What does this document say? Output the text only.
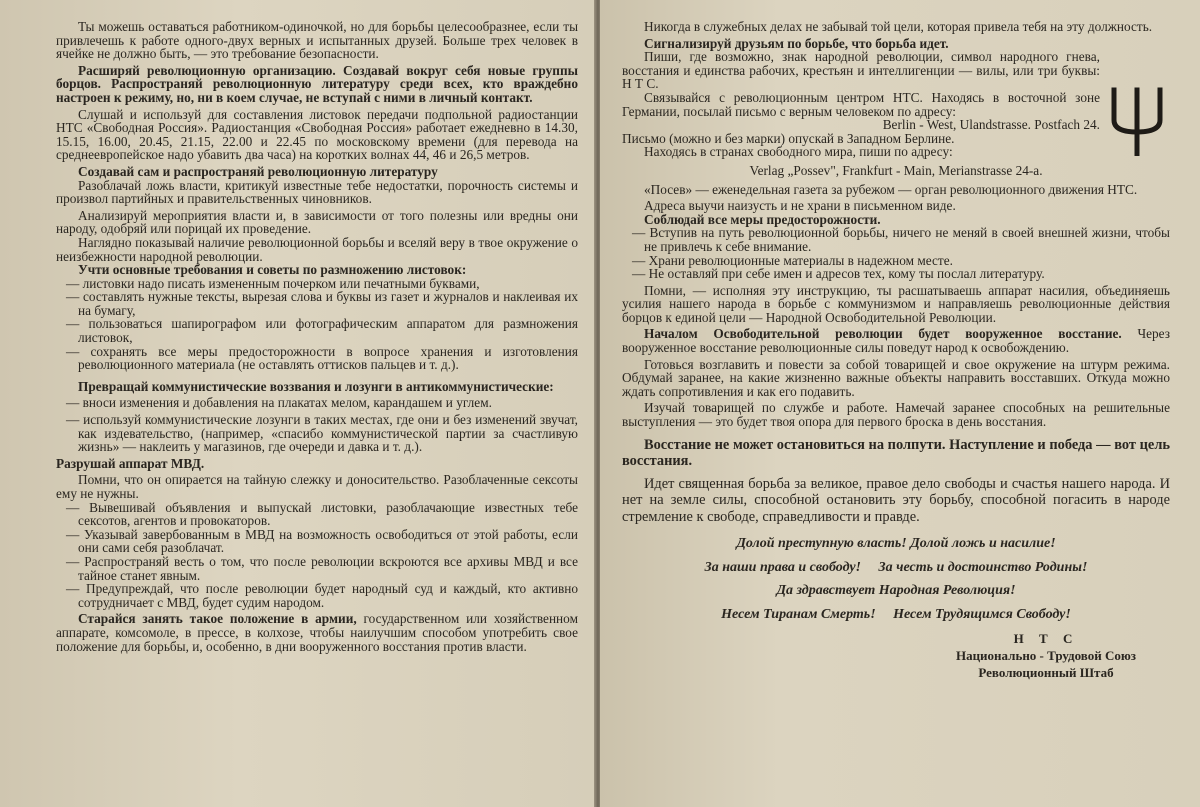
Ты можешь оставаться работником-одиночкой, но для борьбы целесообразнее, если ты привлечешь к работе одного-двух верных и испытанных друзей. Больше трех человек в ячейке не должно быть, — это требование безопасности.

Расширяй революционную организацию. Создавай вокруг себя новые группы борцов. Распространяй революционную литературу среди всех, кто враждебно настроен к режиму, но, ни в коем случае, не вступай с ними в личный контакт.

Слушай и используй для составления листовок передачи подпольной радиостанции НТС «Свободная Россия». Радиостанция «Свободная Россия» работает ежедневно в 14.30, 15.15, 16.00, 20.45, 21.15, 22.00 и 22.45 по московскому времени (для перевода на среднеевропейское надо убавить два часа) на коротких волнах 44, 46 и 26,5 метров.

Создавай сам и распространяй революционную литературу

Разоблачай ложь власти, критикуй известные тебе недостатки, порочность системы и произвол партийных и правительственных чиновников.

Анализируй мероприятия власти и, в зависимости от того полезны или вредны они народу, одобряй или порицай их проведение.

Наглядно показывай наличие революционной борьбы и вселяй веру в твое окружение о неизбежности народной революции.

Учти основные требования и советы по размножению листовок:

— листовки надо писать измененным почерком или печатными буквами,

— составлять нужные тексты, вырезая слова и буквы из газет и журналов и наклеивая их на бумагу,

— пользоваться шапирографом или фотографическим аппаратом для размножения листовок,

— сохранять все меры предосторожности в вопросе хранения и изготовления революционного материала (не оставлять оттисков пальцев и т. д.).

Превращай коммунистические воззвания и лозунги в антикоммунистические:

— вноси изменения и добавления на плакатах мелом, карандашем и углем.

— используй коммунистические лозунги в таких местах, где они и без изменений звучат, как издевательство, (например, «спасибо коммунистической партии за счастливую жизнь» — наклеить у магазинов, где очереди и давка и т. д.).

Разрушай аппарат МВД.

Помни, что он опирается на тайную слежку и доносительство. Разоблаченные сексоты ему не нужны.

— Вывешивай объявления и выпускай листовки, разоблачающие известных тебе сексотов, агентов и провокаторов.

— Указывай завербованным в МВД на возможность освободиться от этой работы, если они сами себя разоблачат.

— Распространяй весть о том, что после революции вскроются все архивы МВД и все тайное станет явным.

— Предупреждай, что после революции будет народный суд и каждый, кто активно сотрудничает с МВД, будет судим народом.

Старайся занять такое положение в армии, государственном или хозяйственном аппарате, комсомоле, в прессе, в колхозе, чтобы наилучшим способом употребить свое положение для борьбы, и, особенно, в дни вооруженного восстания против власти.

Никогда в служебных делах не забывай той цели, которая привела тебя на эту должность.

Сигнализируй друзьям по борьбе, что борьба идет.

Пиши, где возможно, знак народной революции, символ народного гнева, восстания и единства рабочих, крестьян и интеллигенции — вилы, или три буквы: Н Т С.

Связывайся с революционным центром НТС. Находясь в восточной зоне Германии, посылай письмо с верным человеком по адресу:

Berlin - West, Ulandstrasse. Postfach 24.

Письмо (можно и без марки) опускай в Западном Берлине.

Находясь в странах свободного мира, пиши по адресу:

Verlag „Possev", Frankfurt - Main, Merianstrasse 24-a.

«Посев» — еженедельная газета за рубежом — орган революционного движения НТС.

Адреса выучи наизусть и не храни в письменном виде.

Соблюдай все меры предосторожности.

— Вступив на путь революционной борьбы, ничего не меняй в своей внешней жизни, чтобы не привлечь к себе внимание.

— Храни революционные материалы в надежном месте.

— Не оставляй при себе имен и адресов тех, кому ты послал литературу.

Помни, — исполняя эту инструкцию, ты расшатываешь аппарат насилия, объединяешь усилия нашего народа в борьбе с коммунизмом и направляешь революционные действия борцов к единой цели — Народной Освободительной Революции.

Началом Освободительной революции будет вооруженное восстание. Через вооруженное восстание революционные силы поведут народ к освобождению.

Готовься возглавить и повести за собой товарищей и свое окружение на штурм режима. Обдумай заранее, на какие жизненно важные объекты направить восставших. Откуда можно ждать сопротивления и как его подавить.

Изучай товарищей по службе и работе. Намечай заранее способных на решительные выступления — это будет твоя опора для первого броска в день восстания.

Восстание не может остановиться на полпути. Наступление и победа — вот цель восстания.

Идет священная борьба за великое, правое дело свободы и счастья нашего народа. И нет на земле силы, способной остановить эту борьбу, способной погасить в народе стремление к свободе, справедливости и правде.

Долой преступную власть! Долой ложь и насилие!

За наши права и свободу!     За честь и достоинство Родины!

Да здравствует Народная Революция!

Несем Тиранам Смерть!     Несем Трудящимся Свободу!

Н Т С

Национально - Трудовой Союз

Революционный Штаб
